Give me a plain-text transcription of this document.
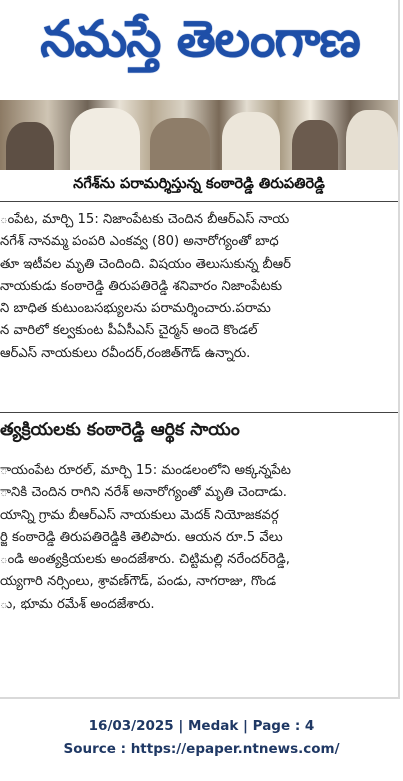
నమస్తే తెలంగాణ
నగేశ్‌ను పరామర్శిస్తున్న కంఠారెడ్డి తిరుపతిరెడ్డి
ంపేట, మార్చి 15: నిజాంపేటకు చెందిన బీఆర్ఎస్ నాయ
నగేశ్ నానమ్మ పంపరి ఎంకవ్వ (80) అనారోగ్యంతో బాధ
తూ ఇటీవల మృతి చెందింది. విషయం తెలుసుకున్న బీఆర్
నాయకుడు కంఠారెడ్డి తిరుపతిరెడ్డి శనివారం నిజాంపేటకు
ని బాధిత కుటుంబసభ్యులను పరామర్శించారు.పరామ
న వారిలో కల్వకుంట పీఏసీఎస్ చైర్మన్ అందె కొండల్
ఆర్ఎస్ నాయకులు రవీందర్,రంజిత్‌గౌడ్ ఉన్నారు.
త్యక్రియలకు కంఠారెడ్డి ఆర్థిక సాయం
ాయంపేట రూరల్, మార్చి 15: మండలంలోని అక్కన్నపేట
ానికి చెందిన రాగిని నరేశ్ అనారోగ్యంతో మృతి చెందాడు.
యాన్ని గ్రామ బీఆర్ఎస్ నాయకులు మెదక్ నియోజకవర్గ
ర్జి కంఠారెడ్డి తిరుపతిరెడ్డికి తెలిపారు. ఆయన రూ.5 వేలు
ండి అంత్యక్రియలకు అందజేశారు. చిట్టిమల్లి నరేందర్‌రెడ్డి,
య్యగారి నర్సింలు, శ్రావణ్‌గౌడ్, పండు, నాగరాజు, గొండ
ు, భూమ రమేశ్ అందజేశారు.
16/03/2025 | Medak | Page : 4
Source : https://epaper.ntnews.com/
